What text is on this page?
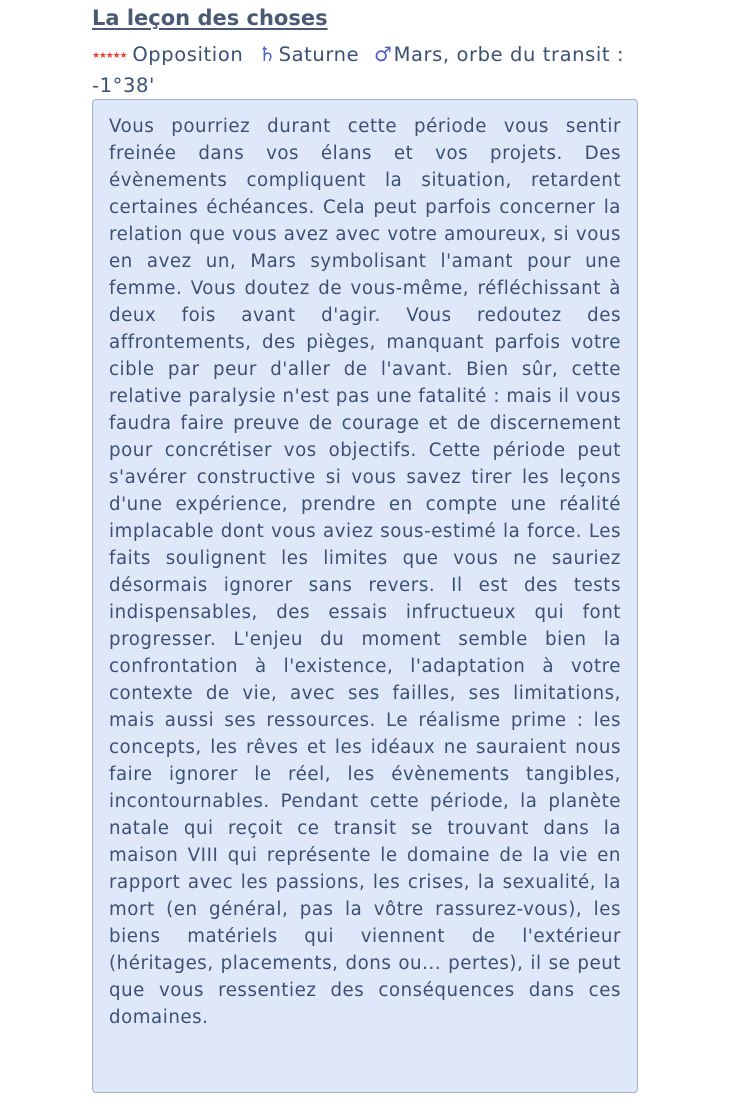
La leçon des choses
★★★★★ Opposition ♄ Saturne ♂Mars, orbe du transit : -1°38'

Vous pourriez durant cette période vous sentir freinée dans vos élans et vos projets. Des évènements compliquent la situation, retardent certaines échéances. Cela peut parfois concerner la relation que vous avez avec votre amoureux, si vous en avez un, Mars symbolisant l'amant pour une femme. Vous doutez de vous-même, réfléchissant à deux fois avant d'agir. Vous redoutez des affrontements, des pièges, manquant parfois votre cible par peur d'aller de l'avant. Bien sûr, cette relative paralysie n'est pas une fatalité : mais il vous faudra faire preuve de courage et de discernement pour concrétiser vos objectifs. Cette période peut s'avérer constructive si vous savez tirer les leçons d'une expérience, prendre en compte une réalité implacable dont vous aviez sous-estimé la force. Les faits soulignent les limites que vous ne sauriez désormais ignorer sans revers. Il est des tests indispensables, des essais infructueux qui font progresser. L'enjeu du moment semble bien la confrontation à l'existence, l'adaptation à votre contexte de vie, avec ses failles, ses limitations, mais aussi ses ressources. Le réalisme prime : les concepts, les rêves et les idéaux ne sauraient nous faire ignorer le réel, les évènements tangibles, incontournables. Pendant cette période, la planète natale qui reçoit ce transit se trouvant dans la maison VIII qui représente le domaine de la vie en rapport avec les passions, les crises, la sexualité, la mort (en général, pas la vôtre rassurez-vous), les biens matériels qui viennent de l'extérieur (héritages, placements, dons ou... pertes), il se peut que vous ressentiez des conséquences dans ces domaines.
